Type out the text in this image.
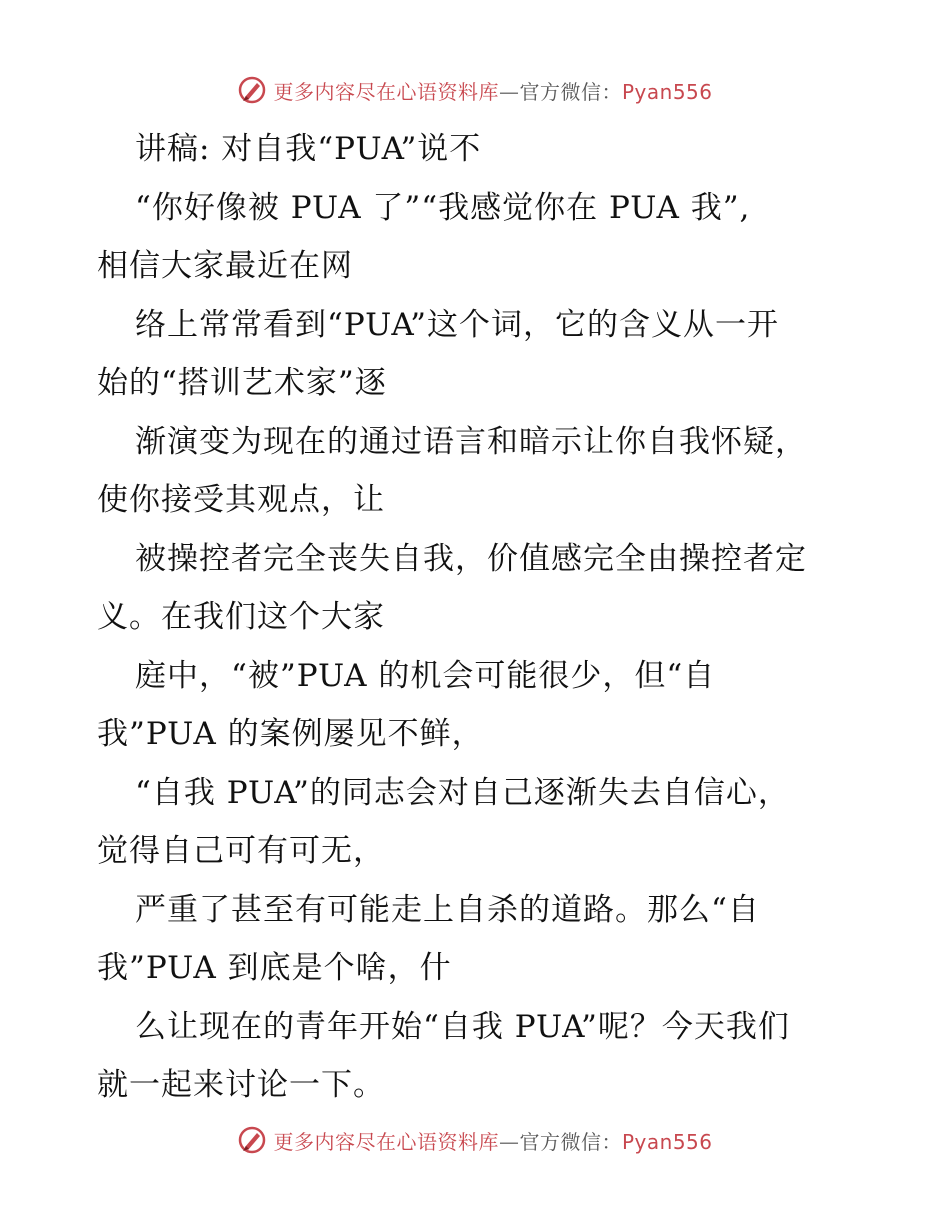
更多内容尽在心语资料库—官方微信：Pyan556
讲稿: 对自我“PUA”说不
“你好像被 PUA 了”“我感觉你在 PUA 我”,
相信大家最近在网
络上常常看到“PUA”这个词，它的含义从一开
始的“搭训艺术家”逐
渐演变为现在的通过语言和暗示让你自我怀疑，
使你接受其观点，让
被操控者完全丧失自我，价值感完全由操控者定
义。在我们这个大家
庭中，“被”PUA 的机会可能很少，但“自
我”PUA 的案例屡见不鲜，
“自我 PUA”的同志会对自己逐渐失去自信心，
觉得自己可有可无，
严重了甚至有可能走上自杀的道路。那么“自
我”PUA 到底是个啥，什
么让现在的青年开始“自我 PUA”呢？今天我们
就一起来讨论一下。
更多内容尽在心语资料库—官方微信：Pyan556
